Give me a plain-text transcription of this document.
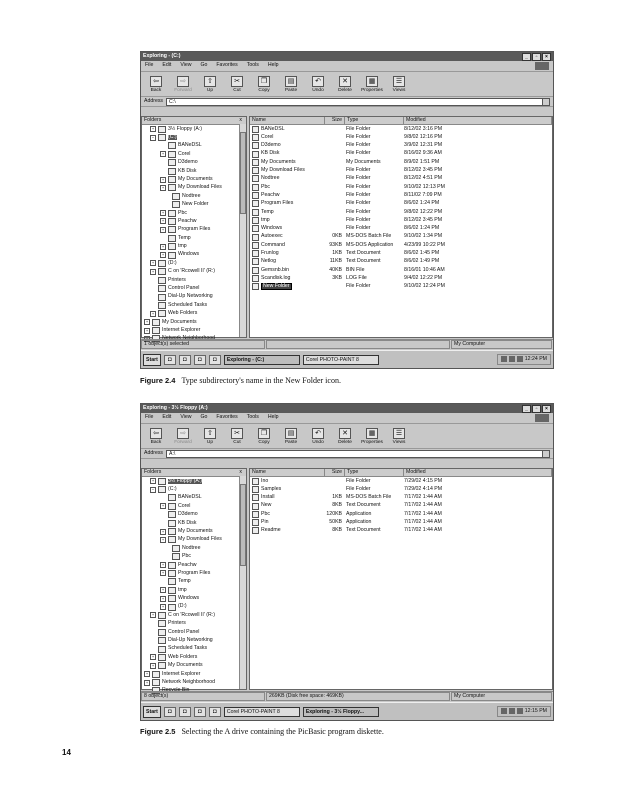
Exploring - (C:)	_	▫	×
File Edit View Go Favorites Tools Help
⇦
Back
⇨
Forward
⇧
Up
✂
Cut
❐
Copy
▤
Paste
↶
Undo
✕
Delete
▦
Properties
☰
Views
Address	C:\
Folders	x
+	3½ Floppy (A:)
−	(C:)
BANeDSL
+	Corel
D3demo
KB Disk
+	My Documents
+	My Download Files
Nodtree
New Folder
+	Pbc
+	Peachw
+	Program Files
Temp
+	tmp
+	Windows
+	(D:)
+	C on 'Rcowell II' (R:)
Printers
Control Panel
Dial-Up Networking
Scheduled Tasks
+	Web Folders
+	My Documents
+	Internet Explorer
+	Network Neighborhood
Name	Size Type	Modified
BANeDSL	File Folder	8/12/02 3:16 PM
Corel	File Folder	9/8/02 12:16 PM
D3demo	File Folder	3/9/02 12:31 PM
KB Disk	File Folder	8/16/02 9:36 AM
My Documents	My Documents	8/9/02 1:51 PM
My Download Files	File Folder	8/12/02 3:45 PM
Nodtree	File Folder	8/12/02 4:51 PM
Pbc	File Folder	9/10/02 12:13 PM
Peachw	File Folder	8/11/02 7:09 PM
Program Files	File Folder	8/6/02 1:24 PM
Temp	File Folder	9/8/02 12:22 PM
tmp	File Folder	8/12/02 3:45 PM
Windows	File Folder	8/6/02 1:24 PM
Autoexec	0KB MS-DOS Batch File	9/10/02 1:34 PM
Command	93KB MS-DOS Application	4/23/99 10:22 PM
Frunlog	1KB Text Document	8/6/02 1:45 PM
Netlog	11KB Text Document	8/6/02 1:49 PM
Gemsnb.bin	40KB BIN File	8/16/01 10:46 AM
Scandisk.log	3KB LOG File	9/4/02 12:22 PM
New Folder	File Folder	9/10/02 12:24 PM
1 object(s) selected	My Computer
Start	◘	◘	◘	◘	Exploring - (C:)	Corel PHOTO-PAINT 8	12:24 PM
Figure 2.4 Type subdirectory's name in the New Folder icon.
Exploring - 3½ Floppy (A:)	_	▫	×
File Edit View Go Favorites Tools Help
⇦
Back
⇨
Forward
⇧
Up
✂
Cut
❐
Copy
▤
Paste
↶
Undo
✕
Delete
▦
Properties
☰
Views
Address	A:\
Folders	x
+	3½ Floppy (A:)
−	(C:)
BANeDSL
+	Corel
D3demo
KB Disk
+	My Documents
+	My Download Files
Nodtree
Pbc
+	Peachw
+	Program Files
Temp
+	tmp
+	Windows
+	(D:)
+	C on 'Rcowell II' (R:)
Printers
Control Panel
Dial-Up Networking
Scheduled Tasks
+	Web Folders
+	My Documents
+	Internet Explorer
+	Network Neighborhood
Recycle Bin
Name	Size Type	Modified
Ino	File Folder	7/29/02 4:15 PM
Samples	File Folder	7/29/02 4:14 PM
Install	1KB MS-DOS Batch File	7/17/02 1:44 AM
New	8KB Text Document	7/17/02 1:44 AM
Pbc	120KB Application	7/17/02 1:44 AM
Pin	50KB Application	7/17/02 1:44 AM
Readme	8KB Text Document	7/17/02 1:44 AM
8 object(s)	269KB (Disk free space: 469KB)	My Computer
Start	◘	◘	◘	◘	Corel PHOTO-PAINT 8	Exploring - 3½ Floppy...	12:15 PM
Figure 2.5 Selecting the A drive containing the PicBasic program diskette.
14
